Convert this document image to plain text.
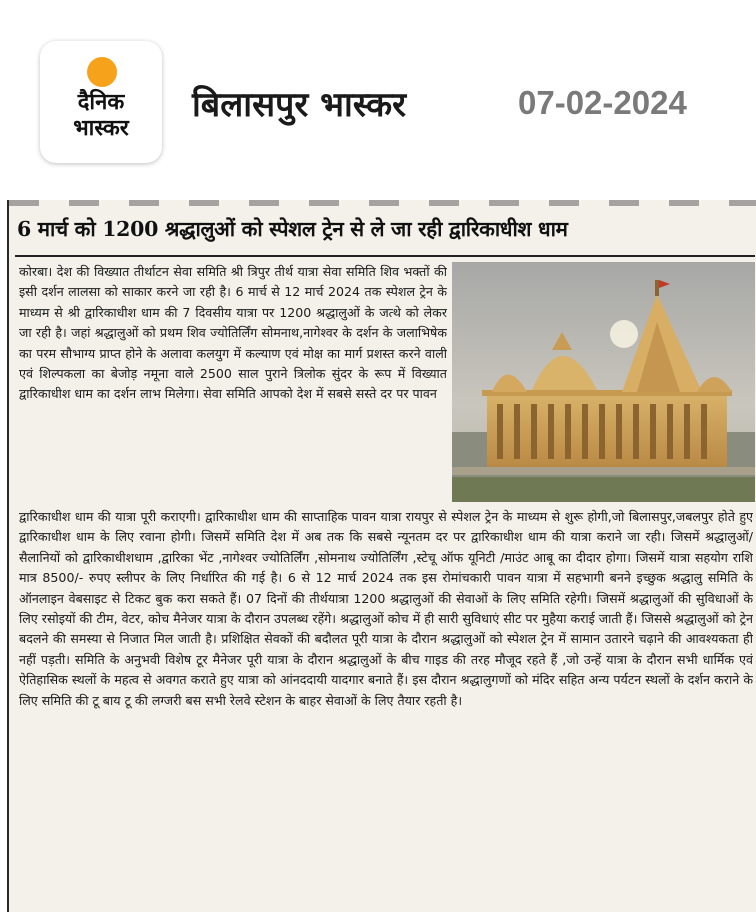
दैनिक
भास्कर
बिलासपुर भास्कर	07-02-2024
6 मार्च को 1200 श्रद्धालुओं को स्पेशल ट्रेन से ले जा रही द्वारिकाधीश धाम

कोरबा। देश की विख्यात तीर्थाटन सेवा समिति श्री त्रिपुर तीर्थ यात्रा सेवा समिति शिव भक्तों की इसी दर्शन लालसा को साकार करने जा रही है। 6 मार्च से 12 मार्च 2024 तक स्पेशल ट्रेन के माध्यम से श्री द्वारिकाधीश धाम की 7 दिवसीय यात्रा पर 1200 श्रद्धालुओं के जत्थे को लेकर जा रही है। जहां श्रद्धालुओं को प्रथम शिव ज्योतिर्लिंग सोमनाथ,नागेश्वर के दर्शन के जलाभिषेक का परम सौभाग्य प्राप्त होने के अलावा कलयुग में कल्याण एवं मोक्ष का मार्ग प्रशस्त करने वाली एवं शिल्पकला का बेजोड़ नमूना वाले 2500 साल पुराने त्रिलोक सुंदर के रूप में विख्यात द्वारिकाधीश धाम का दर्शन लाभ मिलेगा। सेवा समिति आपको देश में सबसे सस्ते दर पर पावन

द्वारिकाधीश धाम की यात्रा पूरी कराएगी। द्वारिकाधीश धाम की साप्ताहिक पावन यात्रा रायपुर से स्पेशल ट्रेन के माध्यम से शुरू होगी,जो बिलासपुर,जबलपुर होते हुए द्वारिकाधीश धाम के लिए रवाना होगी। जिसमें समिति देश में अब तक कि सबसे न्यूनतम दर पर द्वारिकाधीश धाम की यात्रा कराने जा रही। जिसमें श्रद्धालुओं/सैलानियों को द्वारिकाधीशधाम ,द्वारिका भेंट ,नागेश्वर ज्योतिर्लिंग ,सोमनाथ ज्योतिर्लिंग ,स्टेचू ऑफ यूनिटी /माउंट आबू का दीदार होगा। जिसमें यात्रा सहयोग राशि मात्र 8500/- रुपए स्लीपर के लिए निर्धारित की गई है। 6 से 12 मार्च 2024 तक इस रोमांचकारी पावन यात्रा में सहभागी बनने इच्छुक श्रद्धालु समिति के ऑनलाइन वेबसाइट से टिकट बुक करा सकते हैं। 07 दिनों की तीर्थयात्रा 1200 श्रद्धालुओं की सेवाओं के लिए समिति रहेगी। जिसमें श्रद्धालुओं की सुविधाओं के लिए रसोइयों की टीम, वेटर, कोच मैनेजर यात्रा के दौरान उपलब्ध रहेंगे। श्रद्धालुओं कोच में ही सारी सुविधाएं सीट पर मुहैया कराई जाती हैं। जिससे श्रद्धालुओं को ट्रेन बदलने की समस्या से निजात मिल जाती है। प्रशिक्षित सेवकों की बदौलत पूरी यात्रा के दौरान श्रद्धालुओं को स्पेशल ट्रेन में सामान उतारने चढ़ाने की आवश्यकता ही नहीं पड़ती। समिति के अनुभवी विशेष टूर मैनेजर पूरी यात्रा के दौरान श्रद्धालुओं के बीच गाइड की तरह मौजूद रहते हैं ,जो उन्हें यात्रा के दौरान सभी धार्मिक एवं ऐतिहासिक स्थलों के महत्व से अवगत कराते हुए यात्रा को आंनददायी यादगार बनाते हैं। इस दौरान श्रद्धालुगणों को मंदिर सहित अन्य पर्यटन स्थलों के दर्शन कराने के लिए समिति की टू बाय टू की लग्जरी बस सभी रेलवे स्टेशन के बाहर सेवाओं के लिए तैयार रहती है।
